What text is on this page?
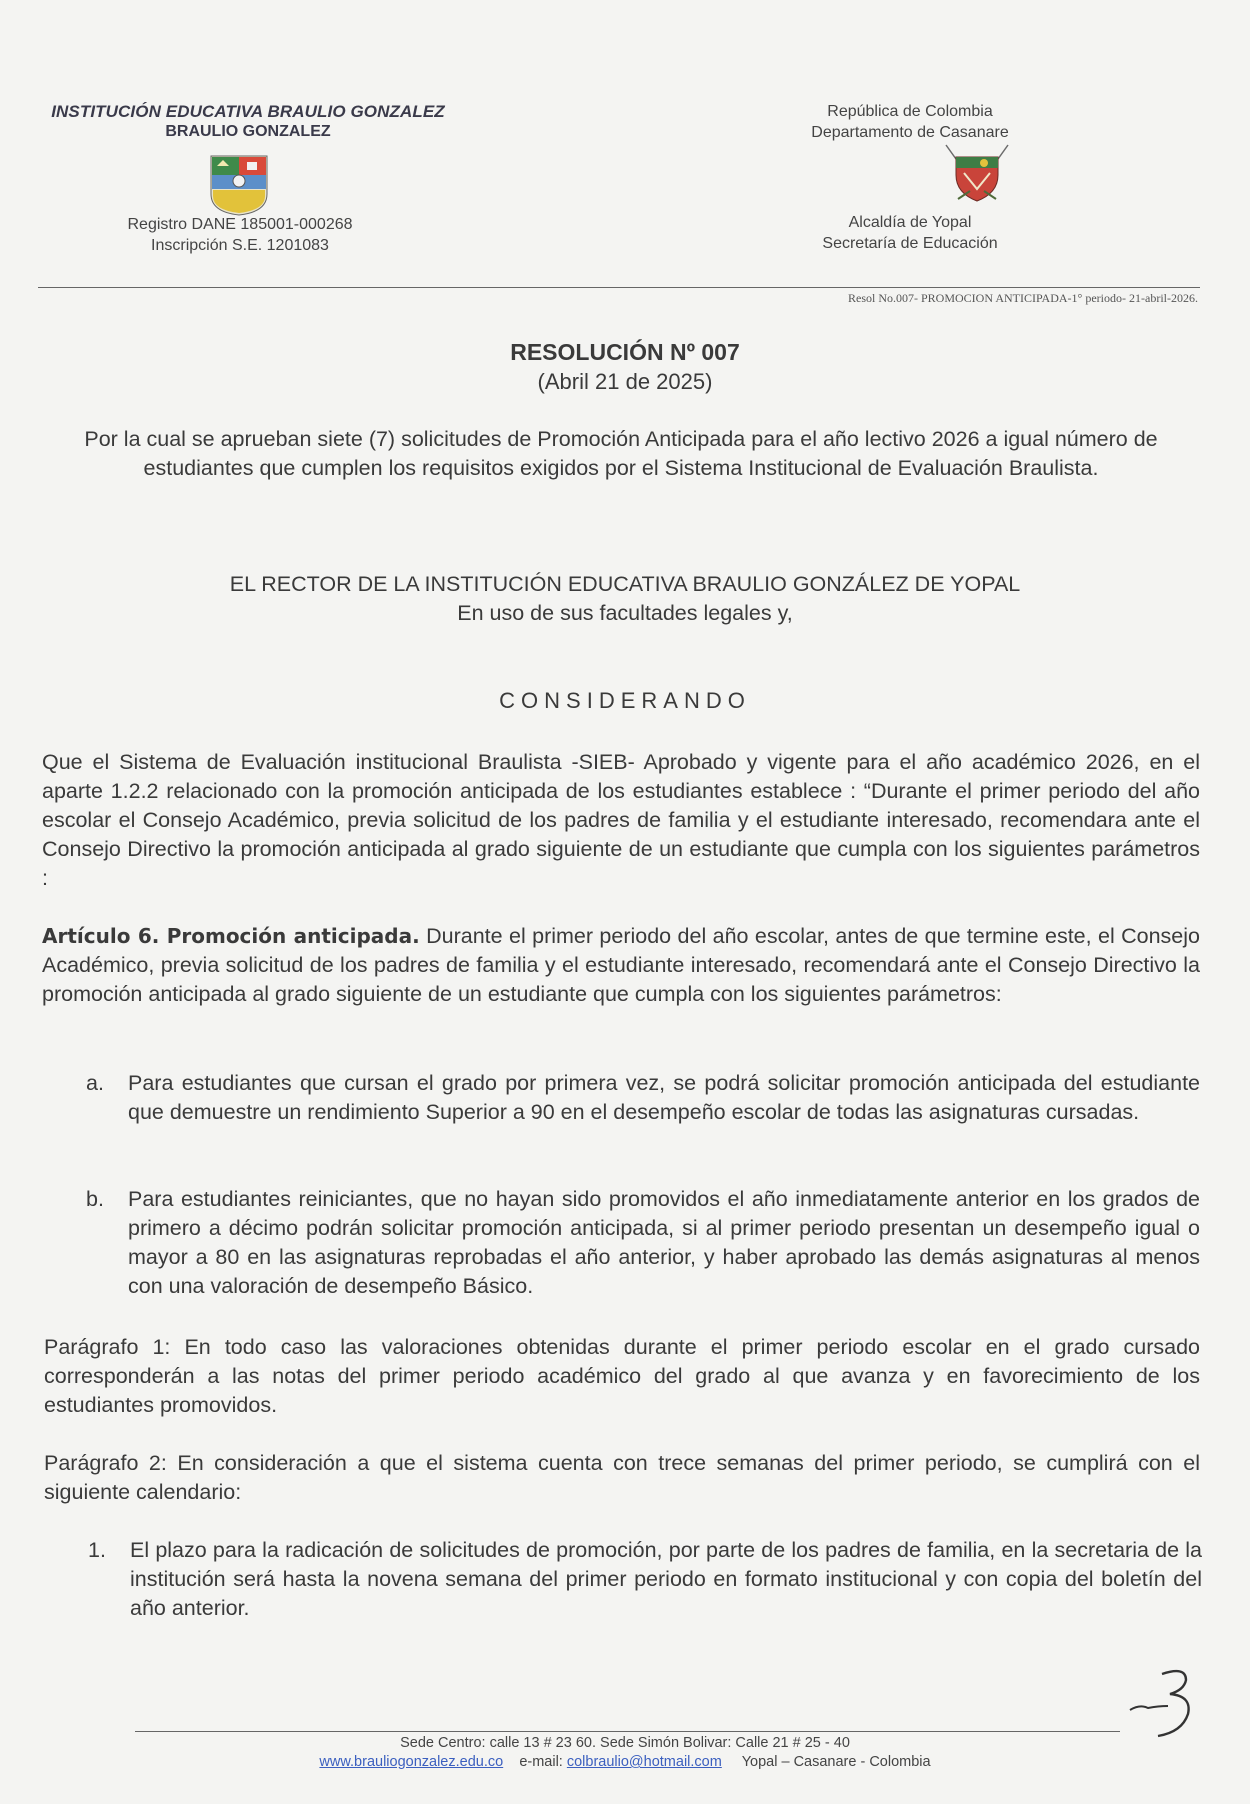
INSTITUCIÓN EDUCATIVA BRAULIO GONZALEZ
BRAULIO GONZALEZ
Registro DANE 185001-000268
Inscripción S.E. 1201083
República de Colombia
Departamento de Casanare
Alcaldía de Yopal
Secretaría de Educación
Resol No.007- PROMOCION ANTICIPADA-1° periodo- 21-abril-2026.
RESOLUCIÓN Nº 007
(Abril 21 de 2025)
Por la cual se aprueban siete (7) solicitudes de Promoción Anticipada para el año lectivo 2026 a igual número de estudiantes que cumplen los requisitos exigidos por el Sistema Institucional de Evaluación Braulista.
EL RECTOR DE LA INSTITUCIÓN EDUCATIVA BRAULIO GONZÁLEZ DE YOPAL
En uso de sus facultades legales y,
CONSIDERANDO
Que el Sistema de Evaluación institucional Braulista -SIEB- Aprobado y vigente para el año académico 2026, en el aparte 1.2.2 relacionado con la promoción anticipada de los estudiantes establece : “Durante el primer periodo del año escolar el Consejo Académico, previa solicitud de los padres de familia y el estudiante interesado, recomendara ante el Consejo Directivo la promoción anticipada al grado siguiente de un estudiante que cumpla con los siguientes parámetros :
Artículo 6. Promoción anticipada. Durante el primer periodo del año escolar, antes de que termine este, el Consejo Académico, previa solicitud de los padres de familia y el estudiante interesado, recomendará ante el Consejo Directivo la promoción anticipada al grado siguiente de un estudiante que cumpla con los siguientes parámetros:
a. Para estudiantes que cursan el grado por primera vez, se podrá solicitar promoción anticipada del estudiante que demuestre un rendimiento Superior a 90 en el desempeño escolar de todas las asignaturas cursadas.
b. Para estudiantes reiniciantes, que no hayan sido promovidos el año inmediatamente anterior en los grados de primero a décimo podrán solicitar promoción anticipada, si al primer periodo presentan un desempeño igual o mayor a 80 en las asignaturas reprobadas el año anterior, y haber aprobado las demás asignaturas al menos con una valoración de desempeño Básico.
Parágrafo 1: En todo caso las valoraciones obtenidas durante el primer periodo escolar en el grado cursado corresponderán a las notas del primer periodo académico del grado al que avanza y en favorecimiento de los estudiantes promovidos.
Parágrafo 2: En consideración a que el sistema cuenta con trece semanas del primer periodo, se cumplirá con el siguiente calendario:
1. El plazo para la radicación de solicitudes de promoción, por parte de los padres de familia, en la secretaria de la institución será hasta la novena semana del primer periodo en formato institucional y con copia del boletín del año anterior.
Sede Centro: calle 13 # 23 60. Sede Simón Bolivar: Calle 21 # 25 - 40
www.brauliogonzalez.edu.co e-mail: colbraulio@hotmail.com Yopal – Casanare - Colombia
